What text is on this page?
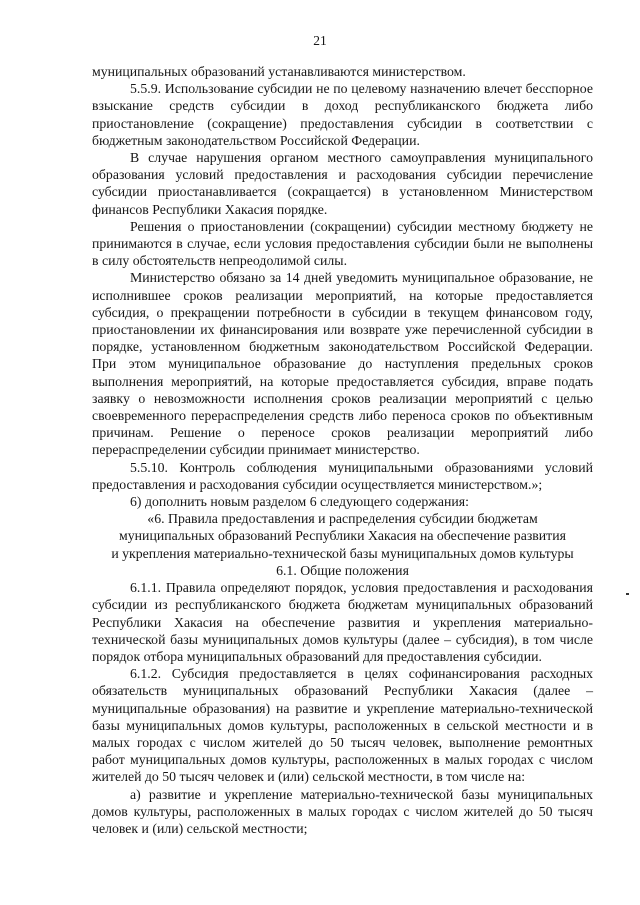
21

муниципальных образований устанавливаются министерством.

5.5.9. Использование субсидии не по целевому назначению влечет бесспорное взыскание средств субсидии в доход республиканского бюджета либо приостановление (сокращение) предоставления субсидии в соответствии с бюджетным законодательством Российской Федерации.

В случае нарушения органом местного самоуправления муниципального образования условий предоставления и расходования субсидии перечисление субсидии приостанавливается (сокращается) в установленном Министерством финансов Республики Хакасия порядке.

Решения о приостановлении (сокращении) субсидии местному бюджету не принимаются в случае, если условия предоставления субсидии были не выполнены в силу обстоятельств непреодолимой силы.

Министерство обязано за 14 дней уведомить муниципальное образование, не исполнившее сроков реализации мероприятий, на которые предоставляется субсидия, о прекращении потребности в субсидии в текущем финансовом году, приостановлении их финансирования или возврате уже перечисленной субсидии в порядке, установленном бюджетным законодательством Российской Федерации. При этом муниципальное образование до наступления предельных сроков выполнения мероприятий, на которые предоставляется субсидия, вправе подать заявку о невозможности исполнения сроков реализации мероприятий с целью своевременного перераспределения средств либо переноса сроков по объективным причинам. Решение о переносе сроков реализации мероприятий либо перераспределении субсидии принимает министерство.

5.5.10. Контроль соблюдения муниципальными образованиями условий предоставления и расходования субсидии осуществляется министерством.»;

6) дополнить новым разделом 6 следующего содержания:

«6. Правила предоставления и распределения субсидии бюджетам

муниципальных образований Республики Хакасия на обеспечение развития

и укрепления материально-технической базы муниципальных домов культуры

6.1. Общие положения

6.1.1. Правила определяют порядок, условия предоставления и расходования субсидии из республиканского бюджета бюджетам муниципальных образований Республики Хакасия на обеспечение развития и укрепления материально-технической базы муниципальных домов культуры (далее – субсидия), в том числе порядок отбора муниципальных образований для предоставления субсидии.

6.1.2. Субсидия предоставляется в целях софинансирования расходных обязательств муниципальных образований Республики Хакасия (далее – муниципальные образования) на развитие и укрепление материально-технической базы муниципальных домов культуры, расположенных в сельской местности и в малых городах с числом жителей до 50 тысяч человек, выполнение ремонтных работ муниципальных домов культуры, расположенных в малых городах с числом жителей до 50 тысяч человек и (или) сельской местности, в том числе на:

а) развитие и укрепление материально-технической базы муниципальных домов культуры, расположенных в малых городах с числом жителей до 50 тысяч человек и (или) сельской местности;
